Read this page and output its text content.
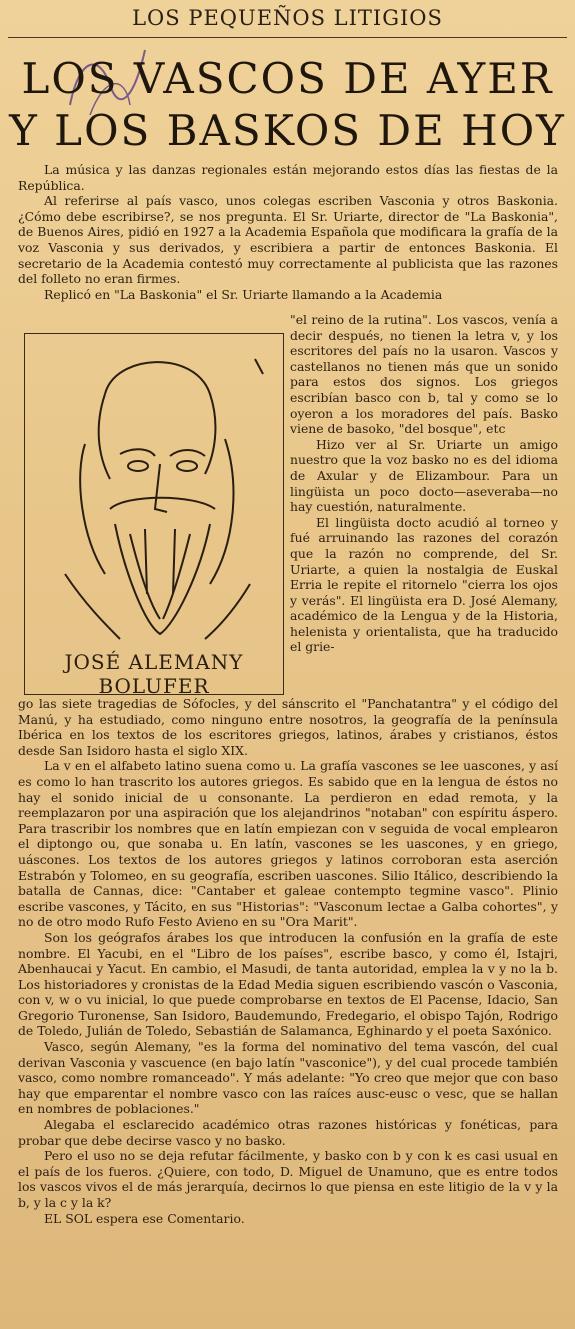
LOS PEQUEÑOS LITIGIOS
LOS VASCOS DE AYER
Y LOS BASKOS DE HOY

La música y las danzas regionales están mejorando estos días las fiestas de la República.

Al referirse al país vasco, unos colegas escriben Vasconia y otros Baskonia. ¿Cómo debe escribirse?, se nos pregunta. El Sr. Uriarte, director de "La Baskonia", de Buenos Aires, pidió en 1927 a la Academia Española que modificara la grafía de la voz Vasconia y sus derivados, y escribiera a partir de entonces Baskonia. El secretario de la Academia contestó muy correctamente al publicista que las razones del folleto no eran firmes.

Replicó en "La Baskonia" el Sr. Uriarte llamando a la Academia

JOSÉ ALEMANY BOLUFER

"el reino de la rutina". Los vascos, venía a decir después, no tienen la letra v, y los escritores del país no la usaron. Vascos y castellanos no tienen más que un sonido para estos dos signos. Los griegos escribían basco con b, tal y como se lo oyeron a los moradores del país. Basko viene de basoko, "del bosque", etc

Hizo ver al Sr. Uriarte un amigo nuestro que la voz basko no es del idioma de Axular y de Elizambour. Para un lingüista un poco docto—aseveraba—no hay cuestión, naturalmente.

El lingüista docto acudió al torneo y fué arruinando las razones del corazón que la razón no comprende, del Sr. Uriarte, a quien la nostalgia de Euskal Erria le repite el ritornelo "cierra los ojos y verás". El lingüista era D. José Alemany, académico de la Lengua y de la Historia, helenista y orientalista, que ha traducido el grie-

go las siete tragedias de Sófocles, y del sánscrito el "Panchatantra" y el código del Manú, y ha estudiado, como ninguno entre nosotros, la geografía de la península Ibérica en los textos de los escritores griegos, latinos, árabes y cristianos, éstos desde San Isidoro hasta el siglo XIX.

La v en el alfabeto latino suena como u. La grafía vascones se lee uascones, y así es como lo han trascrito los autores griegos. Es sabido que en la lengua de éstos no hay el sonido inicial de u consonante. La perdieron en edad remota, y la reemplazaron por una aspiración que los alejandrinos "notaban" con espíritu áspero. Para trascribir los nombres que en latín empiezan con v seguida de vocal emplearon el diptongo ou, que sonaba u. En latín, vascones se les uascones, y en griego, uáscones. Los textos de los autores griegos y latinos corroboran esta aserción Estrabón y Tolomeo, en su geografía, escriben uascones. Silio Itálico, describiendo la batalla de Cannas, dice: "Cantaber et galeae contempto tegmine vasco". Plinio escribe vascones, y Tácito, en sus "Historias": "Vasconum lectae a Galba cohortes", y no de otro modo Rufo Festo Avieno en su "Ora Marit".

Son los geógrafos árabes los que introducen la confusión en la grafía de este nombre. El Yacubi, en el "Libro de los países", escribe basco, y como él, Istajri, Abenhaucai y Yacut. En cambio, el Masudi, de tanta autoridad, emplea la v y no la b. Los historiadores y cronistas de la Edad Media siguen escribiendo vascón o Vasconia, con v, w o vu inicial, lo que puede comprobarse en textos de El Pacense, Idacio, San Gregorio Turonense, San Isidoro, Baudemundo, Fredegario, el obispo Tajón, Rodrigo de Toledo, Julián de Toledo, Sebastián de Salamanca, Eghinardo y el poeta Saxónico.

Vasco, según Alemany, "es la forma del nominativo del tema vascón, del cual derivan Vasconia y vascuence (en bajo latín "vasconice"), y del cual procede también vasco, como nombre romanceado". Y más adelante: "Yo creo que mejor que con baso hay que emparentar el nombre vasco con las raíces ausc-eusc o vesc, que se hallan en nombres de poblaciones."

Alegaba el esclarecido académico otras razones históricas y fonéticas, para probar que debe decirse vasco y no basko.

Pero el uso no se deja refutar fácilmente, y basko con b y con k es casi usual en el país de los fueros. ¿Quiere, con todo, D. Miguel de Unamuno, que es entre todos los vascos vivos el de más jerarquía, decirnos lo que piensa en este litigio de la v y la b, y la c y la k?

EL SOL espera ese Comentario.
